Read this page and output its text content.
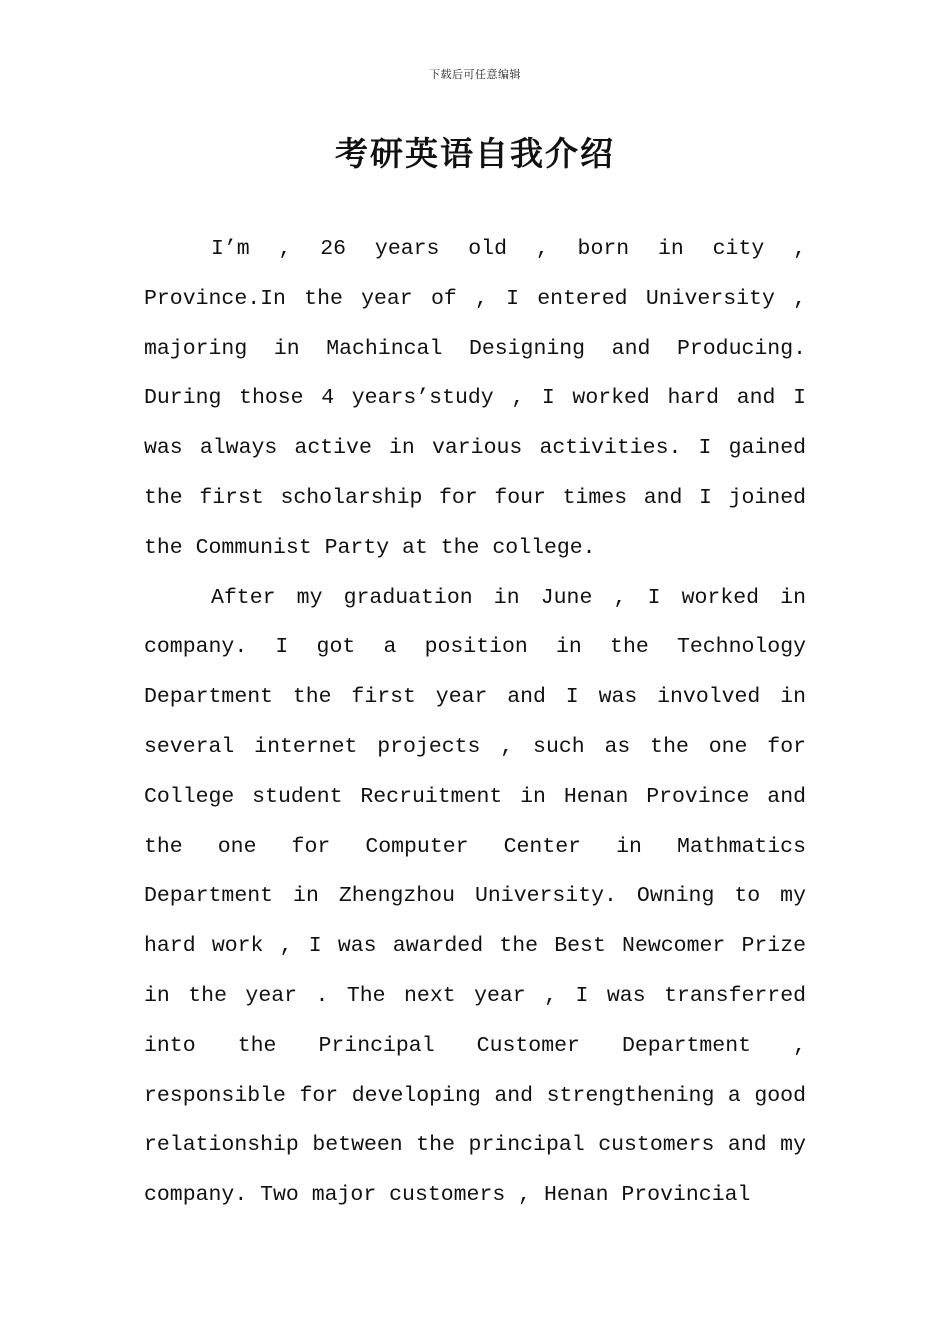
下载后可任意编辑
考研英语自我介绍

I’m , 26 years old , born in city , Province.In the year of , I entered University , majoring in Machincal Designing and Producing. During those 4 years’study , I worked hard and I was always active in various activities. I gained the first scholarship for four times and I joined the Communist Party at the college.

After my graduation in June , I worked in company. I got a position in the Technology Department the first year and I was involved in several internet projects , such as the one for College student Recruitment in Henan Province and the one for Computer Center in Mathmatics Department in Zhengzhou University. Owning to my hard work , I was awarded the Best Newcomer Prize in the year . The next year , I was transferred into the Principal Customer Department , responsible for developing and strengthening a good relationship between the principal customers and my company. Two major customers , Henan Provincial
